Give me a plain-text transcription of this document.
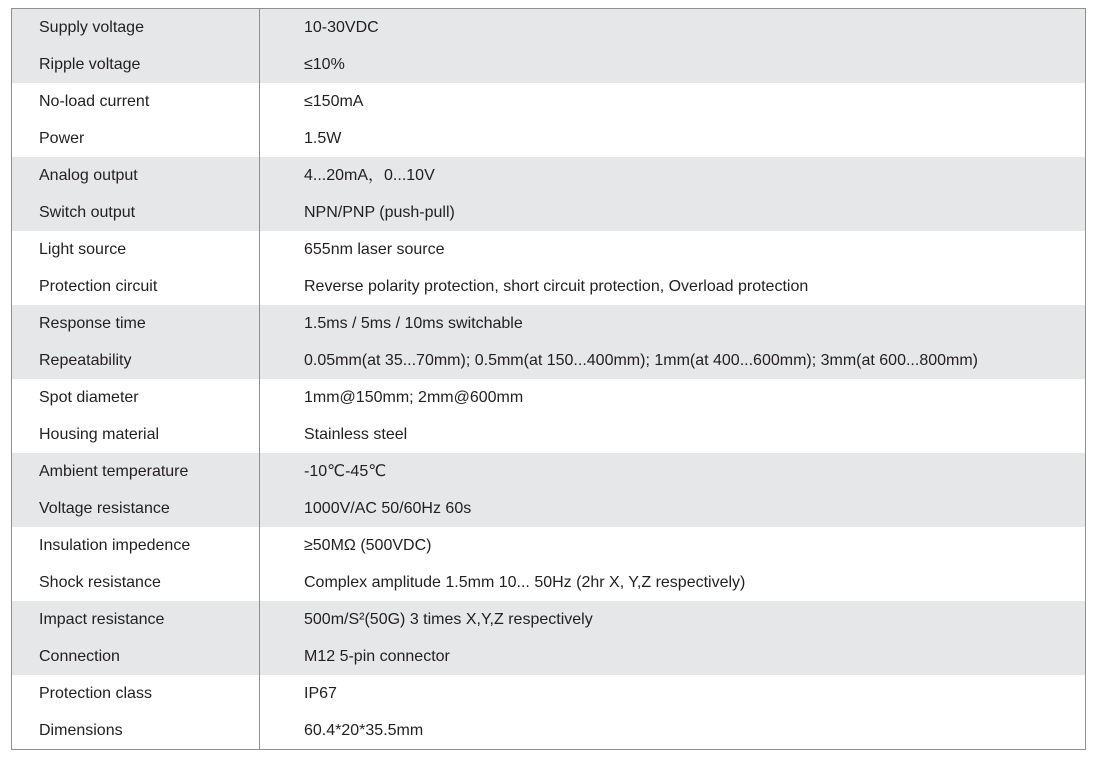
Supply voltage	10-30VDC
Ripple voltage	≤10%
No-load current	≤150mA
Power	1.5W
Analog output	4...20mA，0...10V
Switch output	NPN/PNP (push-pull)
Light source	655nm laser source
Protection circuit	Reverse polarity protection, short circuit protection, Overload protection
Response time	1.5ms / 5ms / 10ms switchable
Repeatability	0.05mm(at 35...70mm); 0.5mm(at 150...400mm); 1mm(at 400...600mm); 3mm(at 600...800mm)
Spot diameter	1mm@150mm; 2mm@600mm
Housing material	Stainless steel
Ambient temperature	-10℃-45℃
Voltage resistance	1000V/AC 50/60Hz 60s
Insulation impedence	≥50MΩ (500VDC)
Shock resistance	Complex amplitude 1.5mm 10... 50Hz (2hr X, Y,Z respectively)
Impact resistance	500m/S²(50G) 3 times X,Y,Z respectively
Connection	M12 5-pin connector
Protection class	IP67
Dimensions	60.4*20*35.5mm
